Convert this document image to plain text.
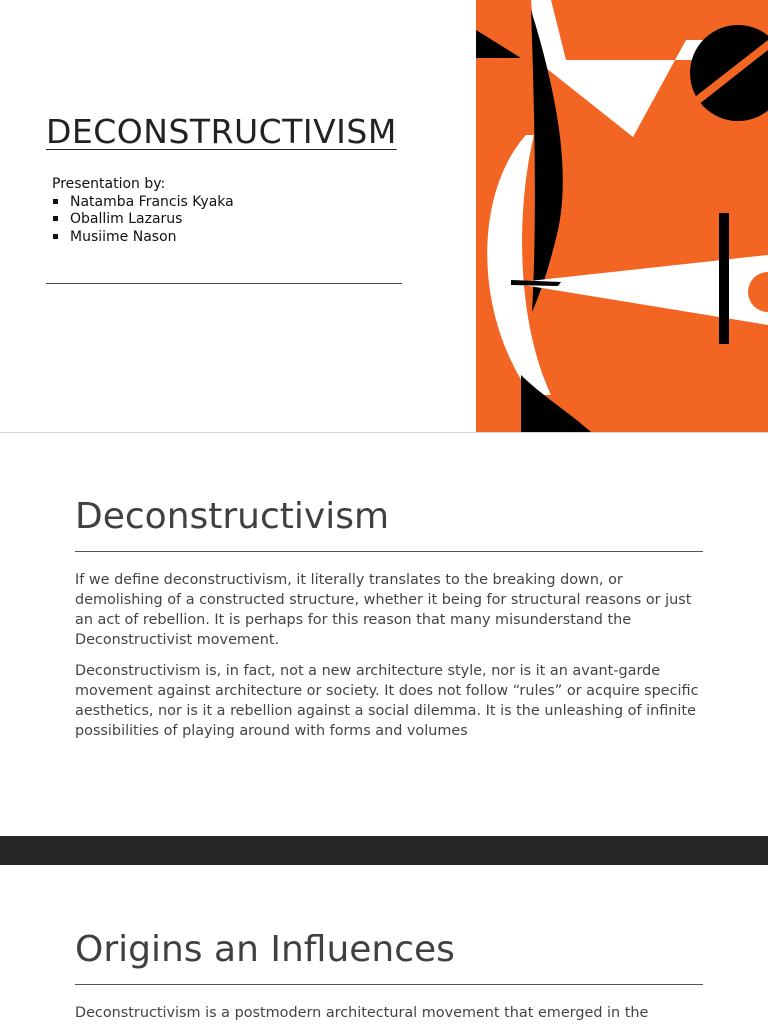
DECONSTRUCTIVISM
Presentation by:
Natamba Francis Kyaka
Oballim Lazarus
Musiime Nason
Deconstructivism

If we define deconstructivism, it literally translates to the breaking down, or demolishing of a constructed structure, whether it being for structural reasons or just an act of rebellion. It is perhaps for this reason that many misunderstand the Deconstructivist movement.

Deconstructivism is, in fact, not a new architecture style, nor is it an avant-garde movement against architecture or society. It does not follow “rules” or acquire specific aesthetics, nor is it a rebellion against a social dilemma. It is the unleashing of infinite possibilities of playing around with forms and volumes

Origins an Influences

Deconstructivism is a postmodern architectural movement that emerged in the
